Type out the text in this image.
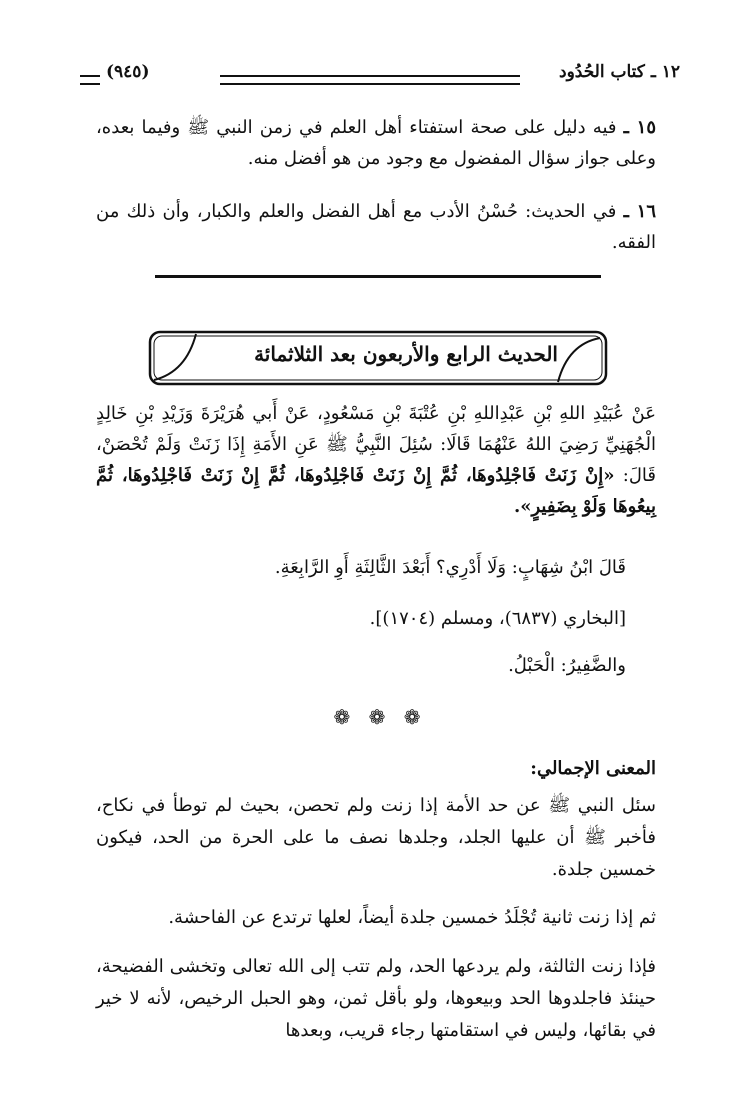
١٢ ـ كتاب الحُدُود
(٩٤٥)
١٥ ـ فيه دليل على صحة استفتاء أهل العلم في زمن النبي ﷺ وفيما بعده، وعلى جواز سؤال المفضول مع وجود من هو أفضل منه.
١٦ ـ في الحديث: حُسْنُ الأدب مع أهل الفضل والعلم والكبار، وأن ذلك من الفقه.
الحديث الرابع والأربعون بعد الثلاثمائة
عَنْ عُبَيْدِ اللهِ بْنِ عَبْدِاللهِ بْنِ عُتْبَةَ بْنِ مَسْعُودٍ، عَنْ أَبي هُرَيْرَةَ وَزَيْدِ بْنِ خَالِدٍ الْجُهَنِيِّ رَضِيَ اللهُ عَنْهُمَا قَالَا: سُئِلَ النَّبِيُّ ﷺ عَنِ الأَمَةِ إِذَا زَنَتْ وَلَمْ تُحْصَنْ، قَالَ: «إِنْ زَنَتْ فَاجْلِدُوهَا، ثُمَّ إِنْ زَنَتْ فَاجْلِدُوهَا، ثُمَّ إِنْ زَنَتْ فَاجْلِدُوهَا، ثُمَّ بِيعُوهَا وَلَوْ بِضَفِيرٍ».
قَالَ ابْنُ شِهَابٍ: وَلَا أَدْرِي؟ أَبَعْدَ الثَّالِثَةِ أَوِ الرَّابِعَةِ.
[البخاري (٦٨٣٧)، ومسلم (١٧٠٤)].
والضَّفِيرُ: الْحَبْلُ.
❁ ❁ ❁
المعنى الإجمالي:
سئل النبي ﷺ عن حد الأمة إذا زنت ولم تحصن، بحيث لم توطأ في نكاح، فأخبر ﷺ أن عليها الجلد، وجلدها نصف ما على الحرة من الحد، فيكون خمسين جلدة.
ثم إذا زنت ثانية تُجْلَدُ خمسين جلدة أيضاً، لعلها ترتدع عن الفاحشة.
فإذا زنت الثالثة، ولم يردعها الحد، ولم تتب إلى الله تعالى وتخشى الفضيحة، حينئذ فاجلدوها الحد وبيعوها، ولو بأقل ثمن، وهو الحبل الرخيص، لأنه لا خير في بقائها، وليس في استقامتها رجاء قريب، وبعدها
